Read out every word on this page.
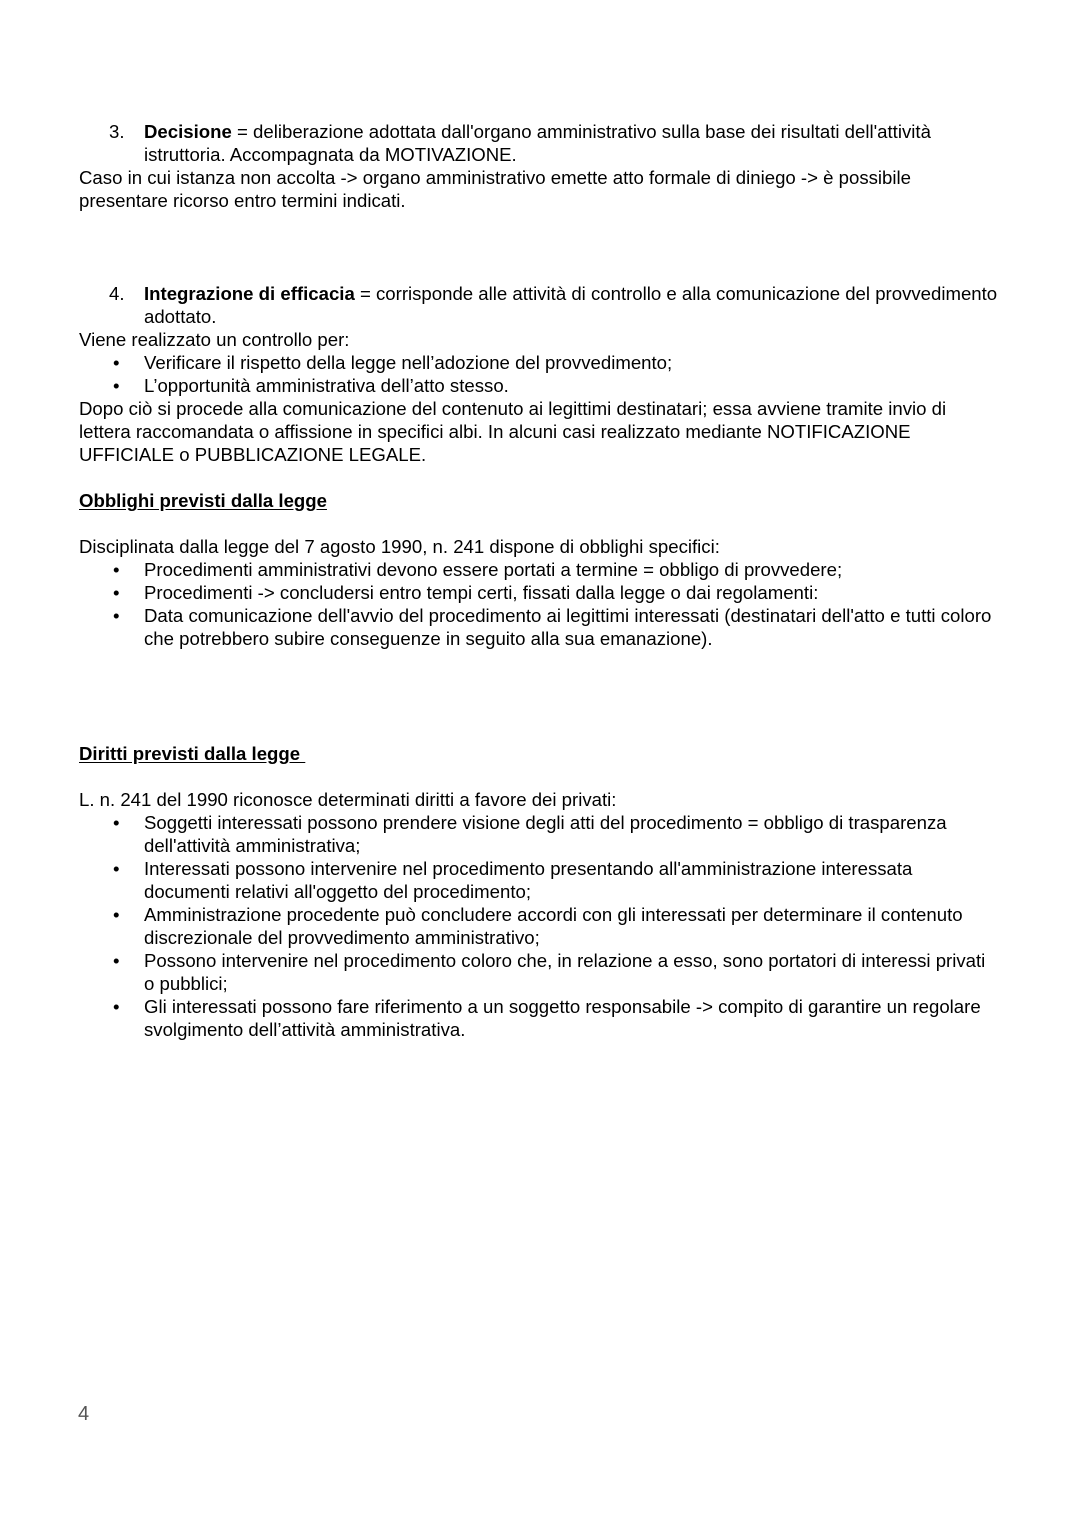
3. Decisione = deliberazione adottata dall'organo amministrativo sulla base dei risultati dell'attività istruttoria. Accompagnata da MOTIVAZIONE.

Caso in cui istanza non accolta -> organo amministrativo emette atto formale di diniego -> è possibile presentare ricorso entro termini indicati.

4. Integrazione di efficacia = corrisponde alle attività di controllo e alla comunicazione del provvedimento adottato.

Viene realizzato un controllo per:

• Verificare il rispetto della legge nell’adozione del provvedimento;
• L’opportunità amministrativa dell’atto stesso.

Dopo ciò si procede alla comunicazione del contenuto ai legittimi destinatari; essa avviene tramite invio di lettera raccomandata o affissione in specifici albi. In alcuni casi realizzato mediante NOTIFICAZIONE UFFICIALE o PUBBLICAZIONE LEGALE.

Obblighi previsti dalla legge

Disciplinata dalla legge del 7 agosto 1990, n. 241 dispone di obblighi specifici:

• Procedimenti amministrativi devono essere portati a termine = obbligo di provvedere;
• Procedimenti -> concludersi entro tempi certi, fissati dalla legge o dai regolamenti:
• Data comunicazione dell'avvio del procedimento ai legittimi interessati (destinatari dell'atto e tutti coloro che potrebbero subire conseguenze in seguito alla sua emanazione).

Diritti previsti dalla legge

L. n. 241 del 1990 riconosce determinati diritti a favore dei privati:

• Soggetti interessati possono prendere visione degli atti del procedimento = obbligo di trasparenza dell'attività amministrativa;
• Interessati possono intervenire nel procedimento presentando all'amministrazione interessata documenti relativi all'oggetto del procedimento;
• Amministrazione procedente può concludere accordi con gli interessati per determinare il contenuto discrezionale del provvedimento amministrativo;
• Possono intervenire nel procedimento coloro che, in relazione a esso, sono portatori di interessi privati o pubblici;
• Gli interessati possono fare riferimento a un soggetto responsabile -> compito di garantire un regolare svolgimento dell’attività amministrativa.
4
